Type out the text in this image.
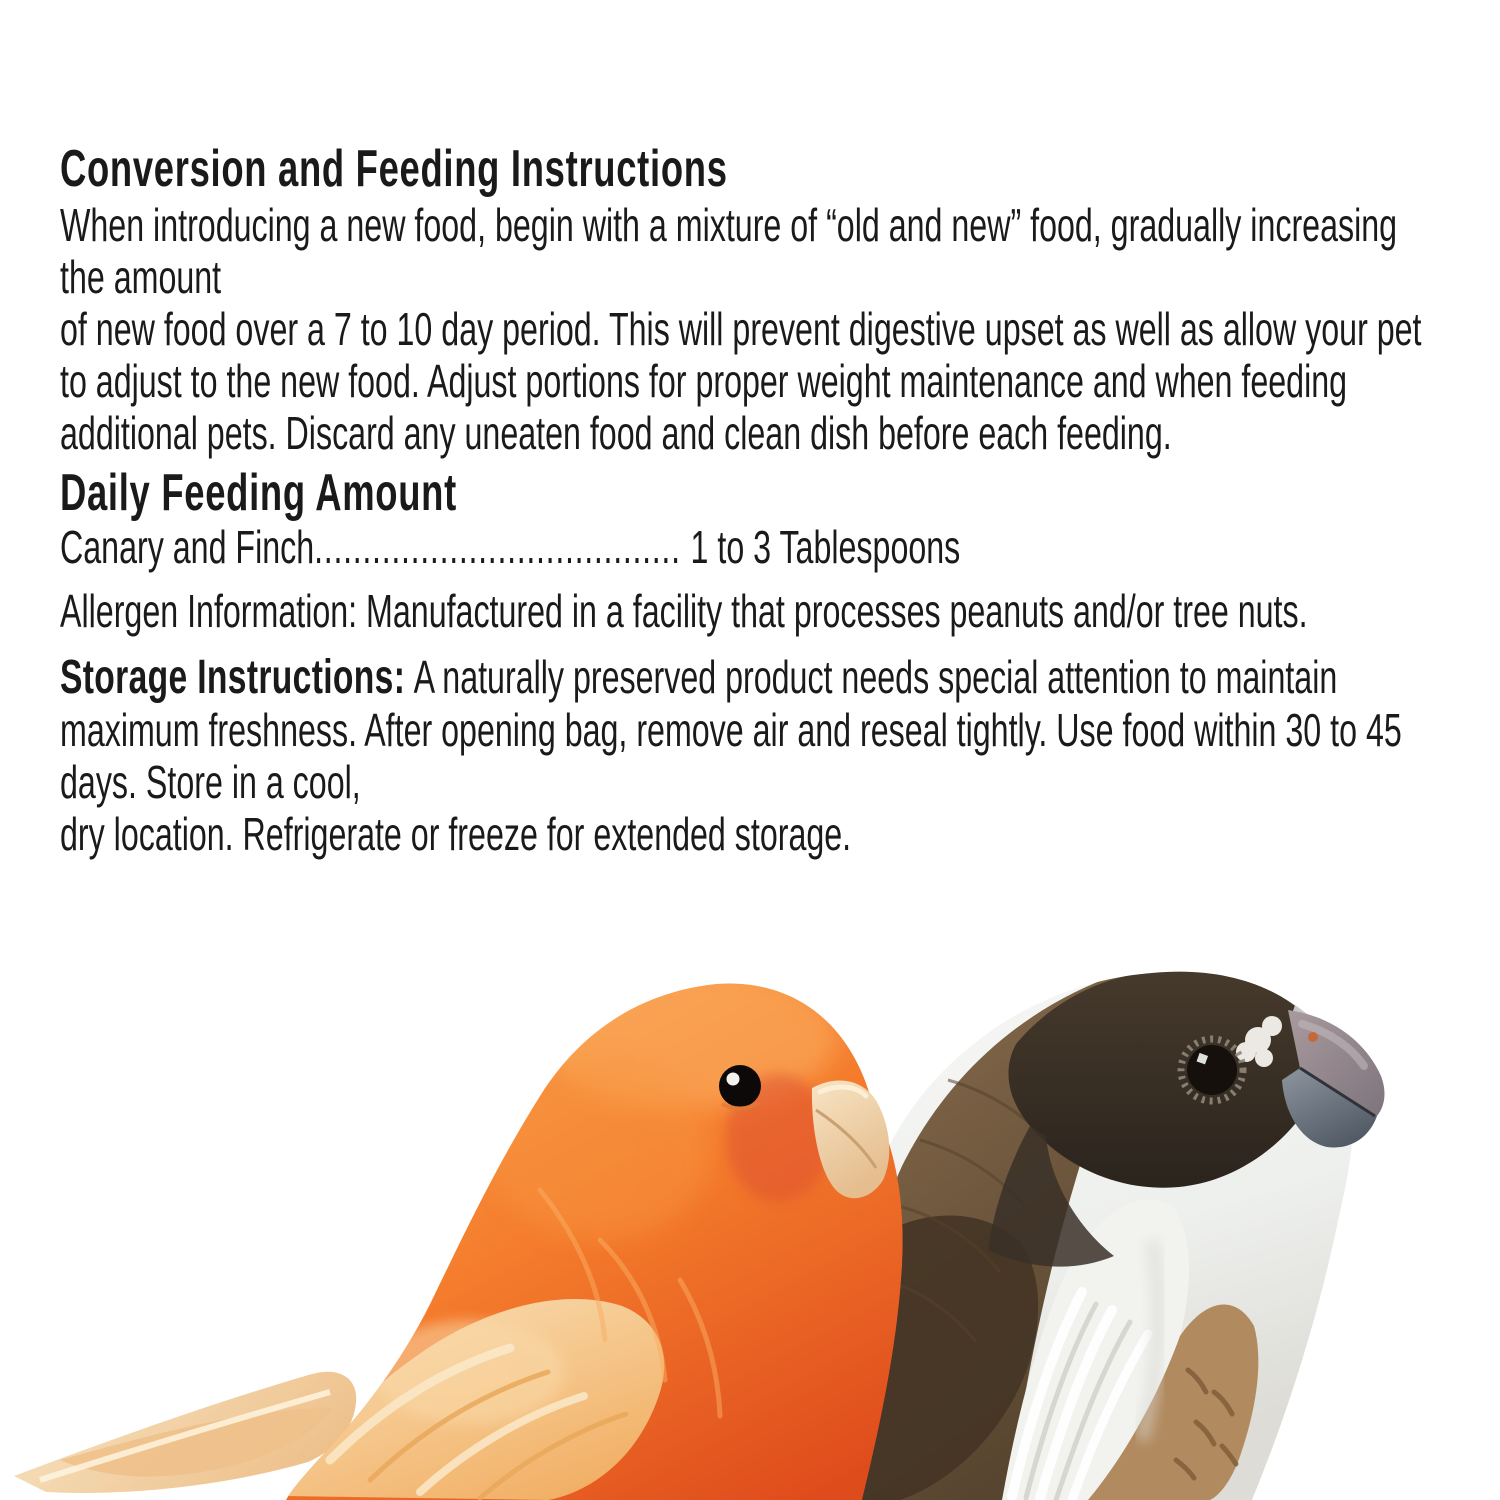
Conversion and Feeding Instructions
When introducing a new food, begin with a mixture of “old and new” food, gradually increasing
the amount
of new food over a 7 to 10 day period. This will prevent digestive upset as well as allow your pet
to adjust to the new food. Adjust portions for proper weight maintenance and when feeding
additional pets. Discard any uneaten food and clean dish before each feeding.
Daily Feeding Amount
Canary and Finch ...................................... 1 to 3 Tablespoons
Allergen Information: Manufactured in a facility that processes peanuts and/or tree nuts.
Storage Instructions: A naturally preserved product needs special attention to maintain
maximum freshness. After opening bag, remove air and reseal tightly. Use food within 30 to 45
days. Store in a cool,
dry location. Refrigerate or freeze for extended storage.
